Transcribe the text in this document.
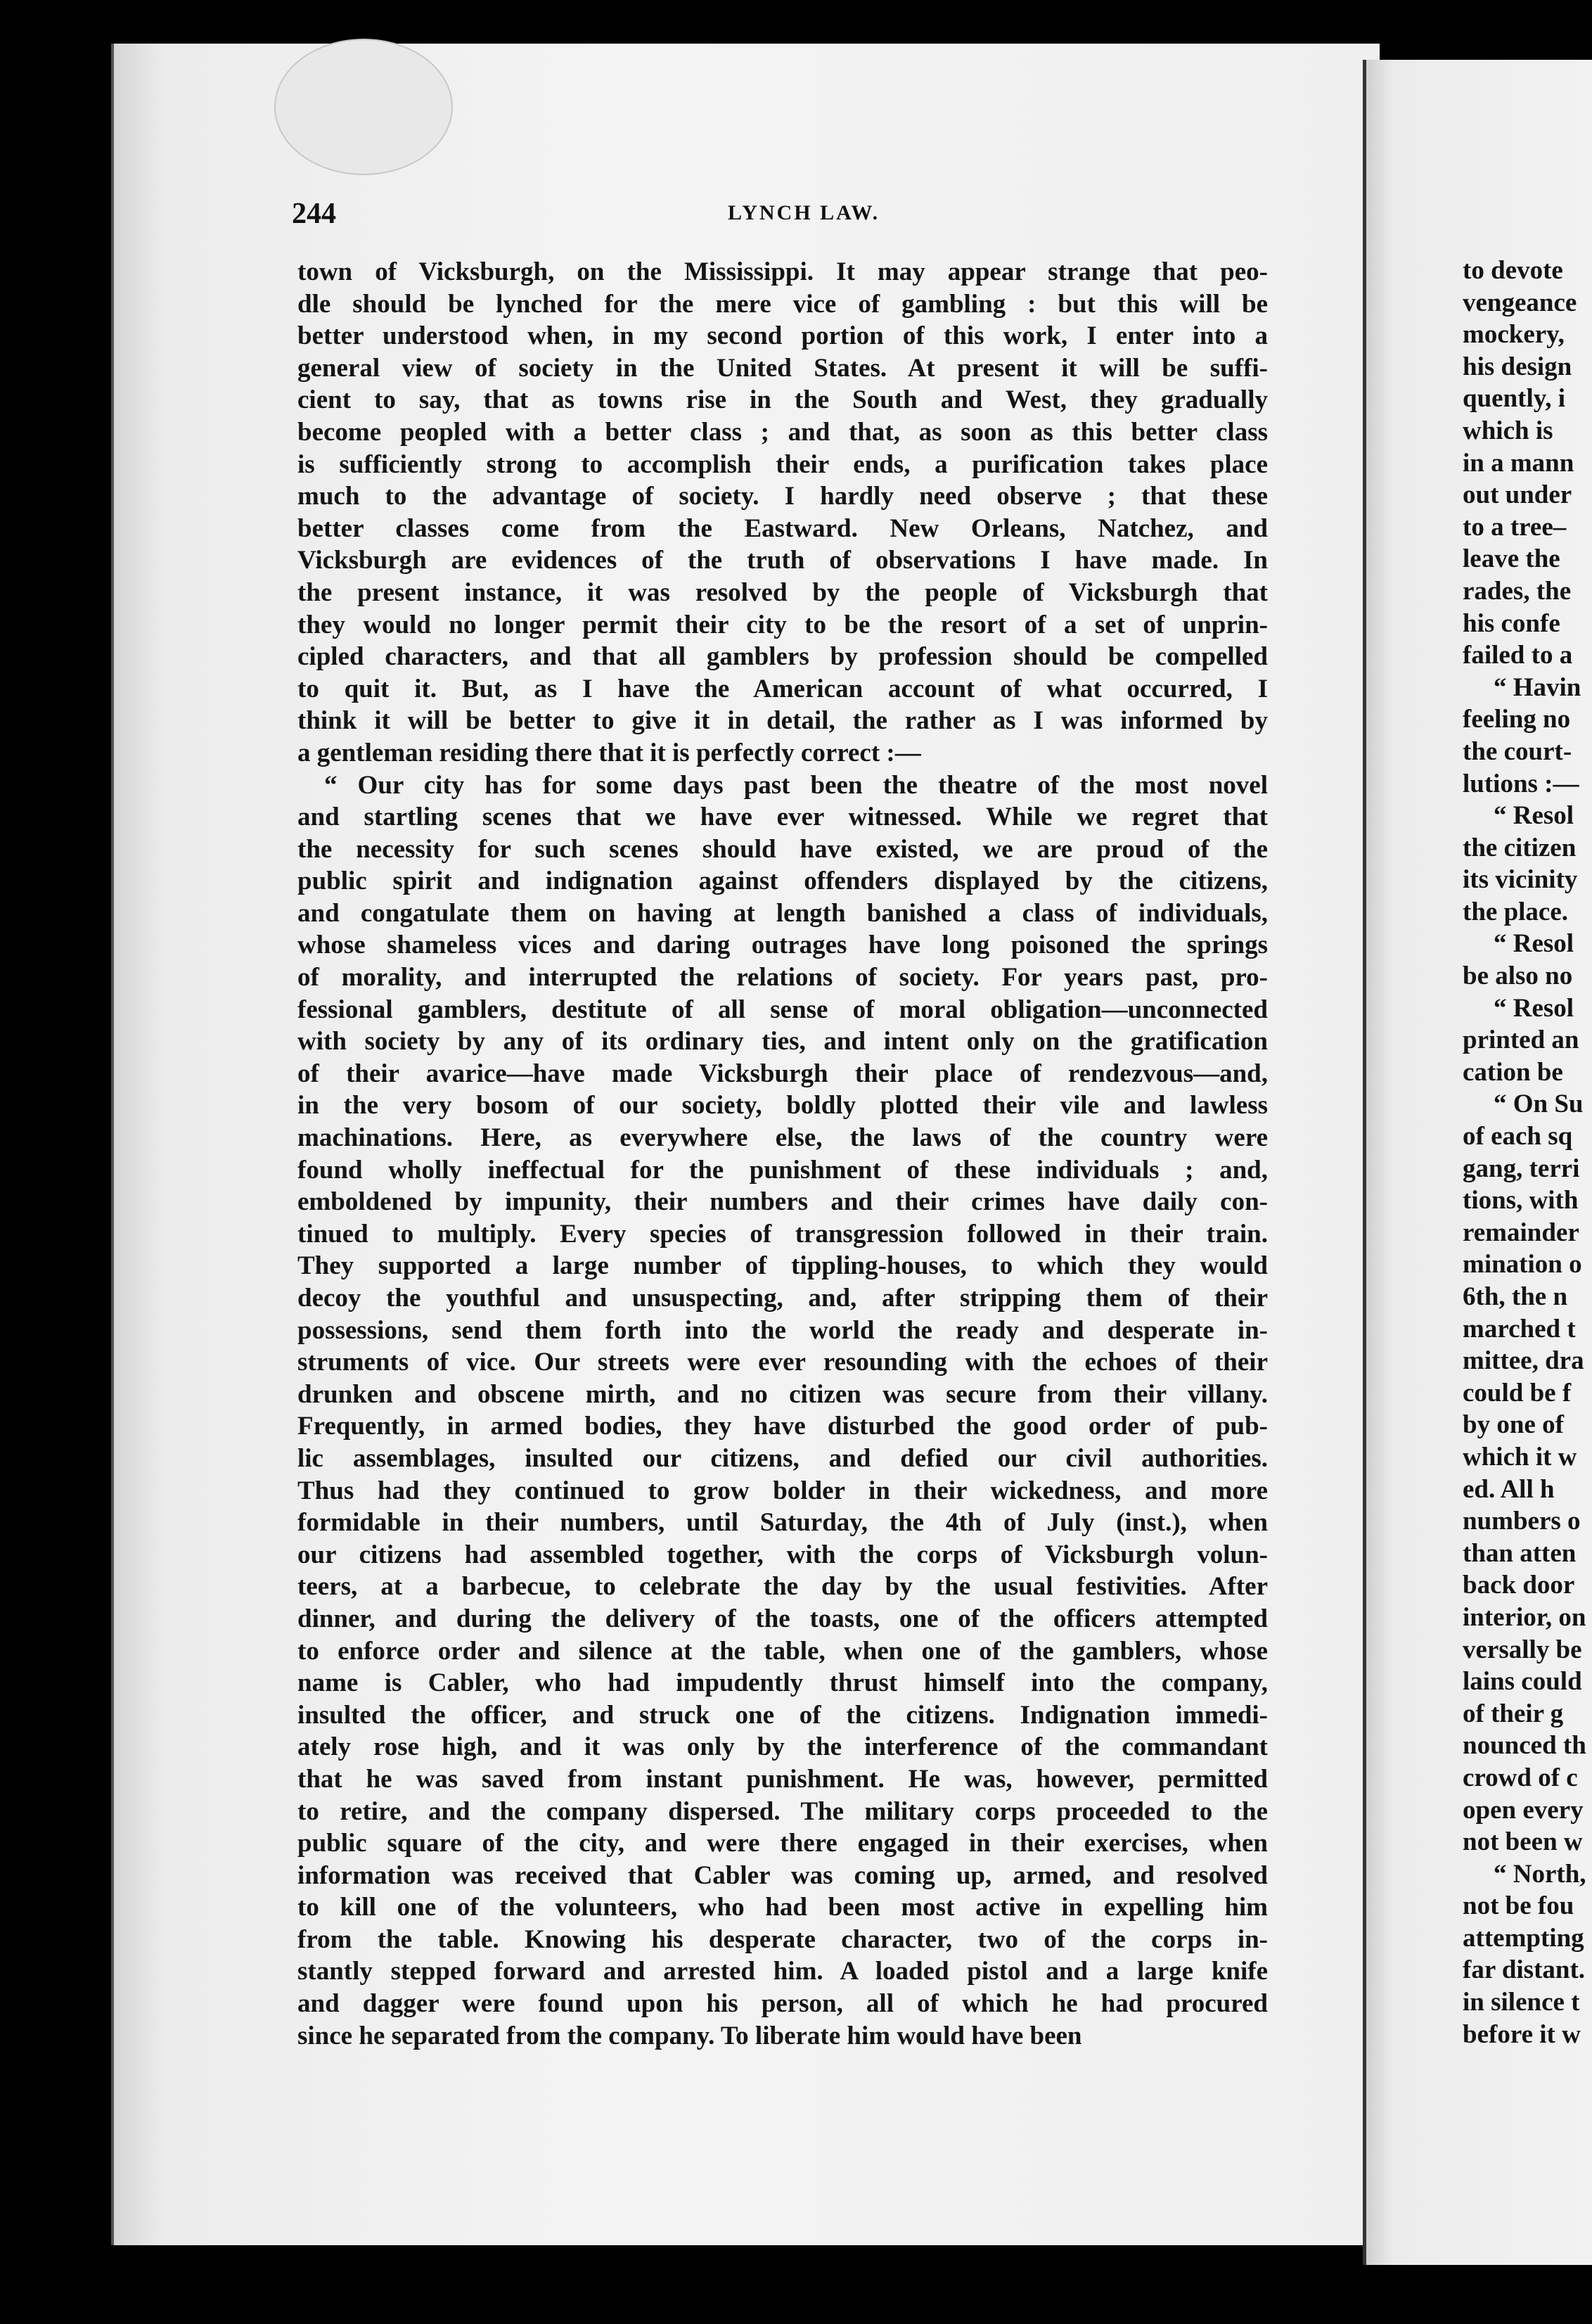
244	LYNCH LAW.
town of Vicksburgh, on the Mississippi. It may appear strange that peo-
dle should be lynched for the mere vice of gambling : but this will be
better understood when, in my second portion of this work, I enter into a
general view of society in the United States. At present it will be suffi-
cient to say, that as towns rise in the South and West, they gradually
become peopled with a better class ; and that, as soon as this better class
is sufficiently strong to accomplish their ends, a purification takes place
much to the advantage of society. I hardly need observe ; that these
better classes come from the Eastward. New Orleans, Natchez, and
Vicksburgh are evidences of the truth of observations I have made. In
the present instance, it was resolved by the people of Vicksburgh that
they would no longer permit their city to be the resort of a set of unprin-
cipled characters, and that all gamblers by profession should be compelled
to quit it. But, as I have the American account of what occurred, I
think it will be better to give it in detail, the rather as I was informed by
a gentleman residing there that it is perfectly correct :—
“ Our city has for some days past been the theatre of the most novel
and startling scenes that we have ever witnessed. While we regret that
the necessity for such scenes should have existed, we are proud of the
public spirit and indignation against offenders displayed by the citizens,
and congatulate them on having at length banished a class of individuals,
whose shameless vices and daring outrages have long poisoned the springs
of morality, and interrupted the relations of society. For years past, pro-
fessional gamblers, destitute of all sense of moral obligation—unconnected
with society by any of its ordinary ties, and intent only on the gratification
of their avarice—have made Vicksburgh their place of rendezvous—and,
in the very bosom of our society, boldly plotted their vile and lawless
machinations. Here, as everywhere else, the laws of the country were
found wholly ineffectual for the punishment of these individuals ; and,
emboldened by impunity, their numbers and their crimes have daily con-
tinued to multiply. Every species of transgression followed in their train.
They supported a large number of tippling-houses, to which they would
decoy the youthful and unsuspecting, and, after stripping them of their
possessions, send them forth into the world the ready and desperate in-
struments of vice. Our streets were ever resounding with the echoes of their
drunken and obscene mirth, and no citizen was secure from their villany.
Frequently, in armed bodies, they have disturbed the good order of pub-
lic assemblages, insulted our citizens, and defied our civil authorities.
Thus had they continued to grow bolder in their wickedness, and more
formidable in their numbers, until Saturday, the 4th of July (inst.), when
our citizens had assembled together, with the corps of Vicksburgh volun-
teers, at a barbecue, to celebrate the day by the usual festivities. After
dinner, and during the delivery of the toasts, one of the officers attempted
to enforce order and silence at the table, when one of the gamblers, whose
name is Cabler, who had impudently thrust himself into the company,
insulted the officer, and struck one of the citizens. Indignation immedi-
ately rose high, and it was only by the interference of the commandant
that he was saved from instant punishment. He was, however, permitted
to retire, and the company dispersed. The military corps proceeded to the
public square of the city, and were there engaged in their exercises, when
information was received that Cabler was coming up, armed, and resolved
to kill one of the volunteers, who had been most active in expelling him
from the table. Knowing his desperate character, two of the corps in-
stantly stepped forward and arrested him. A loaded pistol and a large knife
and dagger were found upon his person, all of which he had procured
since he separated from the company. To liberate him would have been
to devote
vengeance
mockery,
his design
quently, i
which is
in a mann
out under
to a tree–
leave the
rades, the
his confe
failed to a
“ Havin
feeling no
the court-
lutions :—
“ Resol
the citizen
its vicinity
the place.
“ Resol
be also no
“ Resol
printed an
cation be
“ On Su
of each sq
gang, terri
tions, with
remainder
mination o
6th, the n
marched t
mittee, dra
could be f
by one of
which it w
ed. All h
numbers o
than atten
back door
interior, on
versally be
lains could
of their g
nounced th
crowd of c
open every
not been w
“ North,
not be fou
attempting
far distant.
in silence t
before it w
